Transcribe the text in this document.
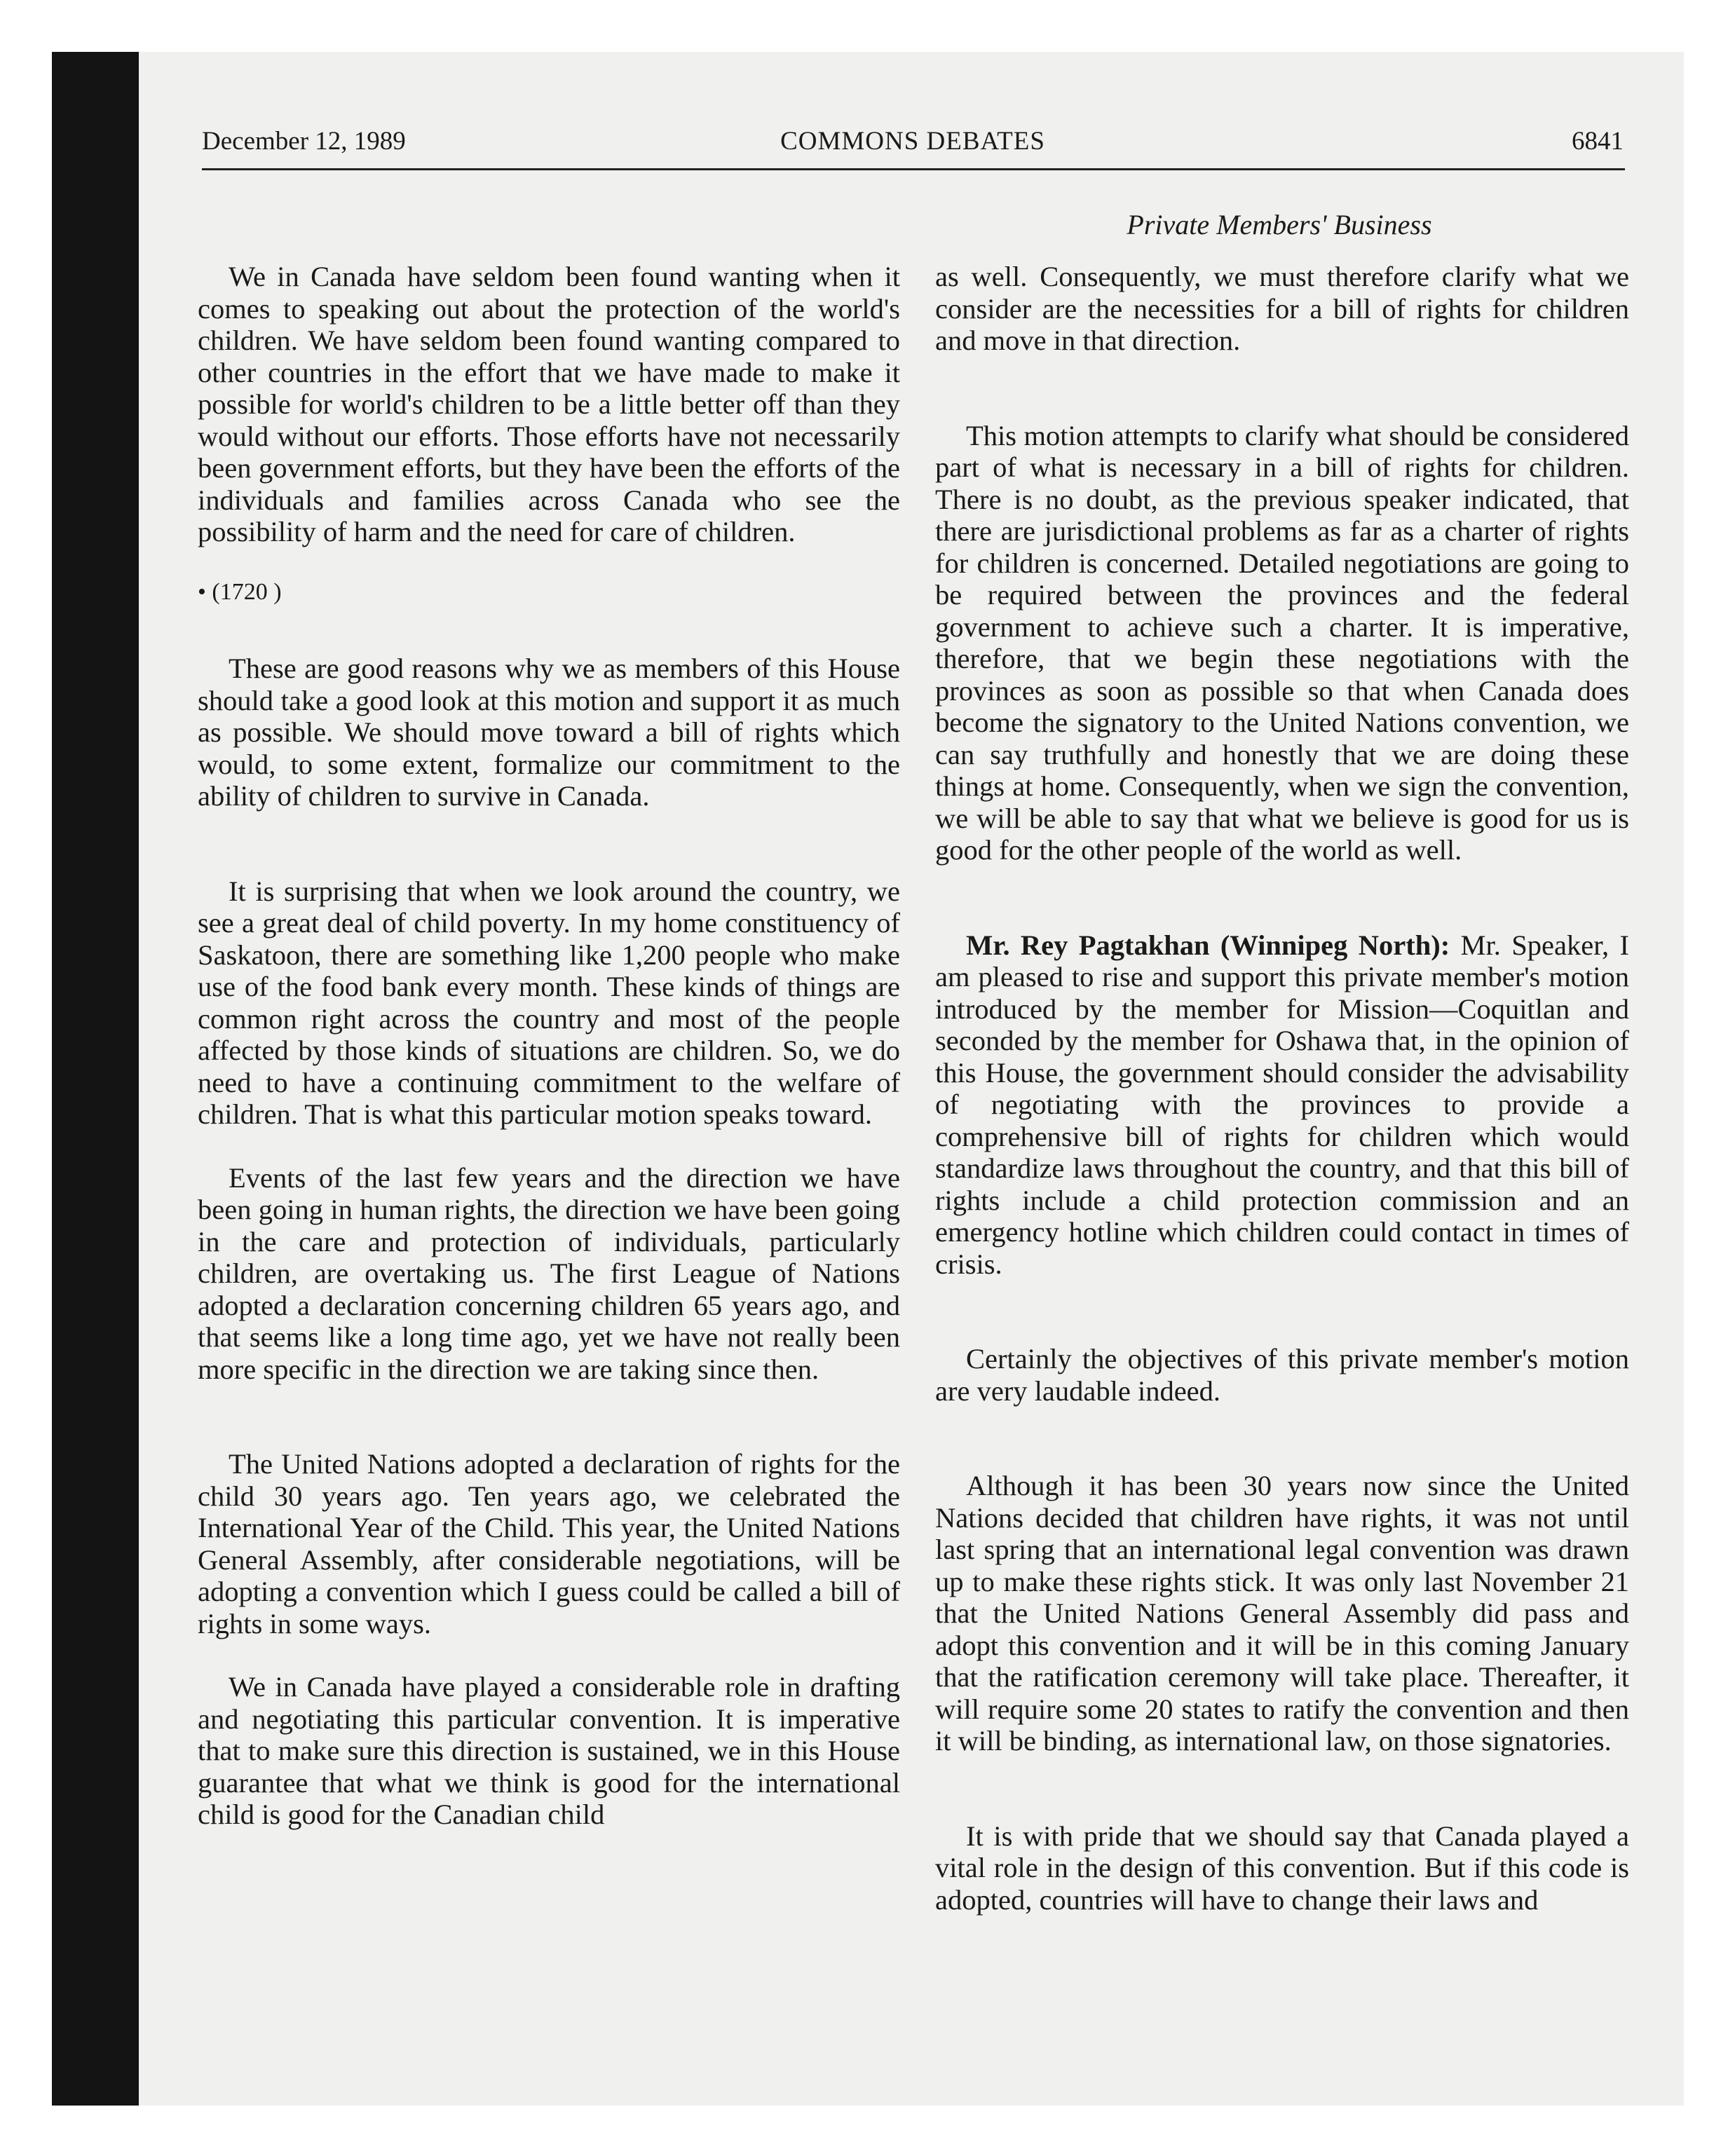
December 12, 1989	COMMONS DEBATES	6841
Private Members' Business

We in Canada have seldom been found wanting when it comes to speaking out about the protection of the world's children. We have seldom been found wanting compared to other countries in the effort that we have made to make it possible for world's children to be a little better off than they would without our efforts. Those efforts have not necessarily been government efforts, but they have been the efforts of the individuals and families across Canada who see the possibility of harm and the need for care of children.

• (1720 )

These are good reasons why we as members of this House should take a good look at this motion and support it as much as possible. We should move toward a bill of rights which would, to some extent, formalize our commitment to the ability of children to survive in Canada.

It is surprising that when we look around the country, we see a great deal of child poverty. In my home constituency of Saskatoon, there are something like 1,200 people who make use of the food bank every month. These kinds of things are common right across the country and most of the people affected by those kinds of situations are children. So, we do need to have a continuing commitment to the welfare of children. That is what this particular motion speaks toward.

Events of the last few years and the direction we have been going in human rights, the direction we have been going in the care and protection of individuals, particularly children, are overtaking us. The first League of Nations adopted a declaration concerning children 65 years ago, and that seems like a long time ago, yet we have not really been more specific in the direction we are taking since then.

The United Nations adopted a declaration of rights for the child 30 years ago. Ten years ago, we celebrated the International Year of the Child. This year, the United Nations General Assembly, after considerable negotiations, will be adopting a convention which I guess could be called a bill of rights in some ways.

We in Canada have played a considerable role in drafting and negotiating this particular convention. It is imperative that to make sure this direction is sustained, we in this House guarantee that what we think is good for the international child is good for the Canadian child

as well. Consequently, we must therefore clarify what we consider are the necessities for a bill of rights for children and move in that direction.

This motion attempts to clarify what should be considered part of what is necessary in a bill of rights for children. There is no doubt, as the previous speaker indicated, that there are jurisdictional problems as far as a charter of rights for children is concerned. Detailed negotiations are going to be required between the provinces and the federal government to achieve such a charter. It is imperative, therefore, that we begin these negotiations with the provinces as soon as possible so that when Canada does become the signatory to the United Nations convention, we can say truthfully and honestly that we are doing these things at home. Consequently, when we sign the convention, we will be able to say that what we believe is good for us is good for the other people of the world as well.

Mr. Rey Pagtakhan (Winnipeg North): Mr. Speaker, I am pleased to rise and support this private member's motion introduced by the member for Mission—Coquitlan and seconded by the member for Oshawa that, in the opinion of this House, the government should consider the advisability of negotiating with the provinces to provide a comprehensive bill of rights for children which would standardize laws throughout the country, and that this bill of rights include a child protection commission and an emergency hotline which children could contact in times of crisis.

Certainly the objectives of this private member's motion are very laudable indeed.

Although it has been 30 years now since the United Nations decided that children have rights, it was not until last spring that an international legal convention was drawn up to make these rights stick. It was only last November 21 that the United Nations General Assembly did pass and adopt this convention and it will be in this coming January that the ratification ceremony will take place. Thereafter, it will require some 20 states to ratify the convention and then it will be binding, as international law, on those signatories.

It is with pride that we should say that Canada played a vital role in the design of this convention. But if this code is adopted, countries will have to change their laws and
